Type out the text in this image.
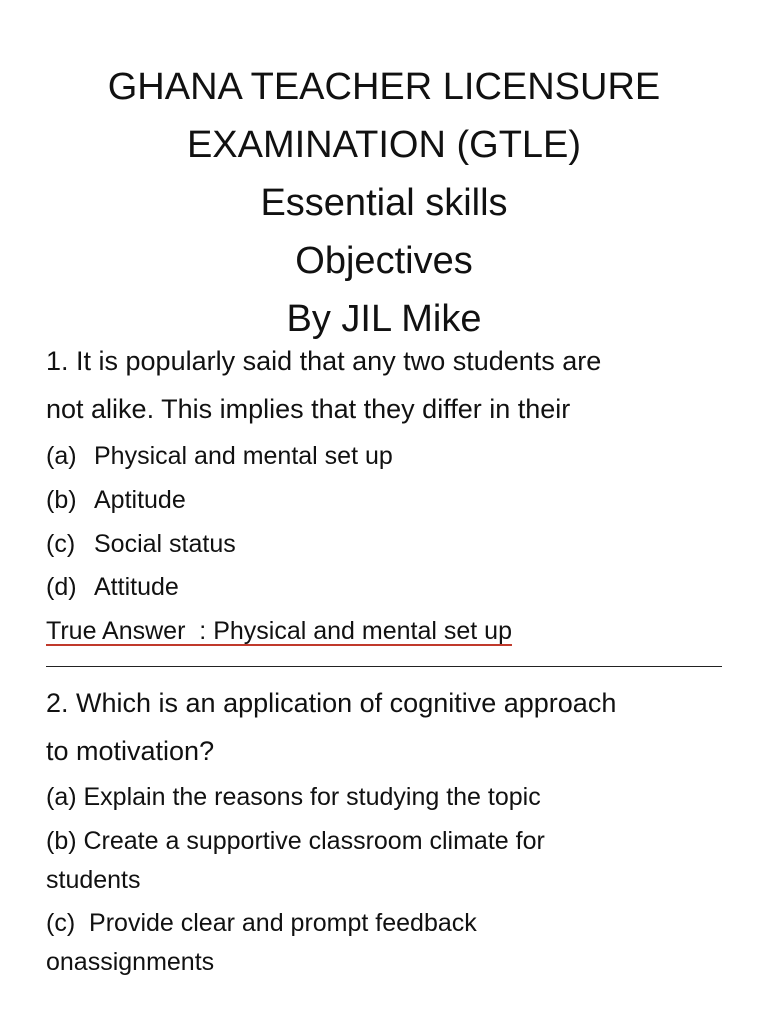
GHANA TEACHER LICENSURE
EXAMINATION (GTLE)
Essential skills
Objectives
By JIL Mike
1. It is popularly said that any two students are
not alike. This implies that they differ in their
(a) Physical and mental set up
(b) Aptitude
(c) Social status
(d) Attitude
True Answer  : Physical and mental set up
2. Which is an application of cognitive approach
to motivation?
(a) Explain the reasons for studying the topic
(b) Create a supportive classroom climate for
students
(c)  Provide clear and prompt feedback
onassignments
